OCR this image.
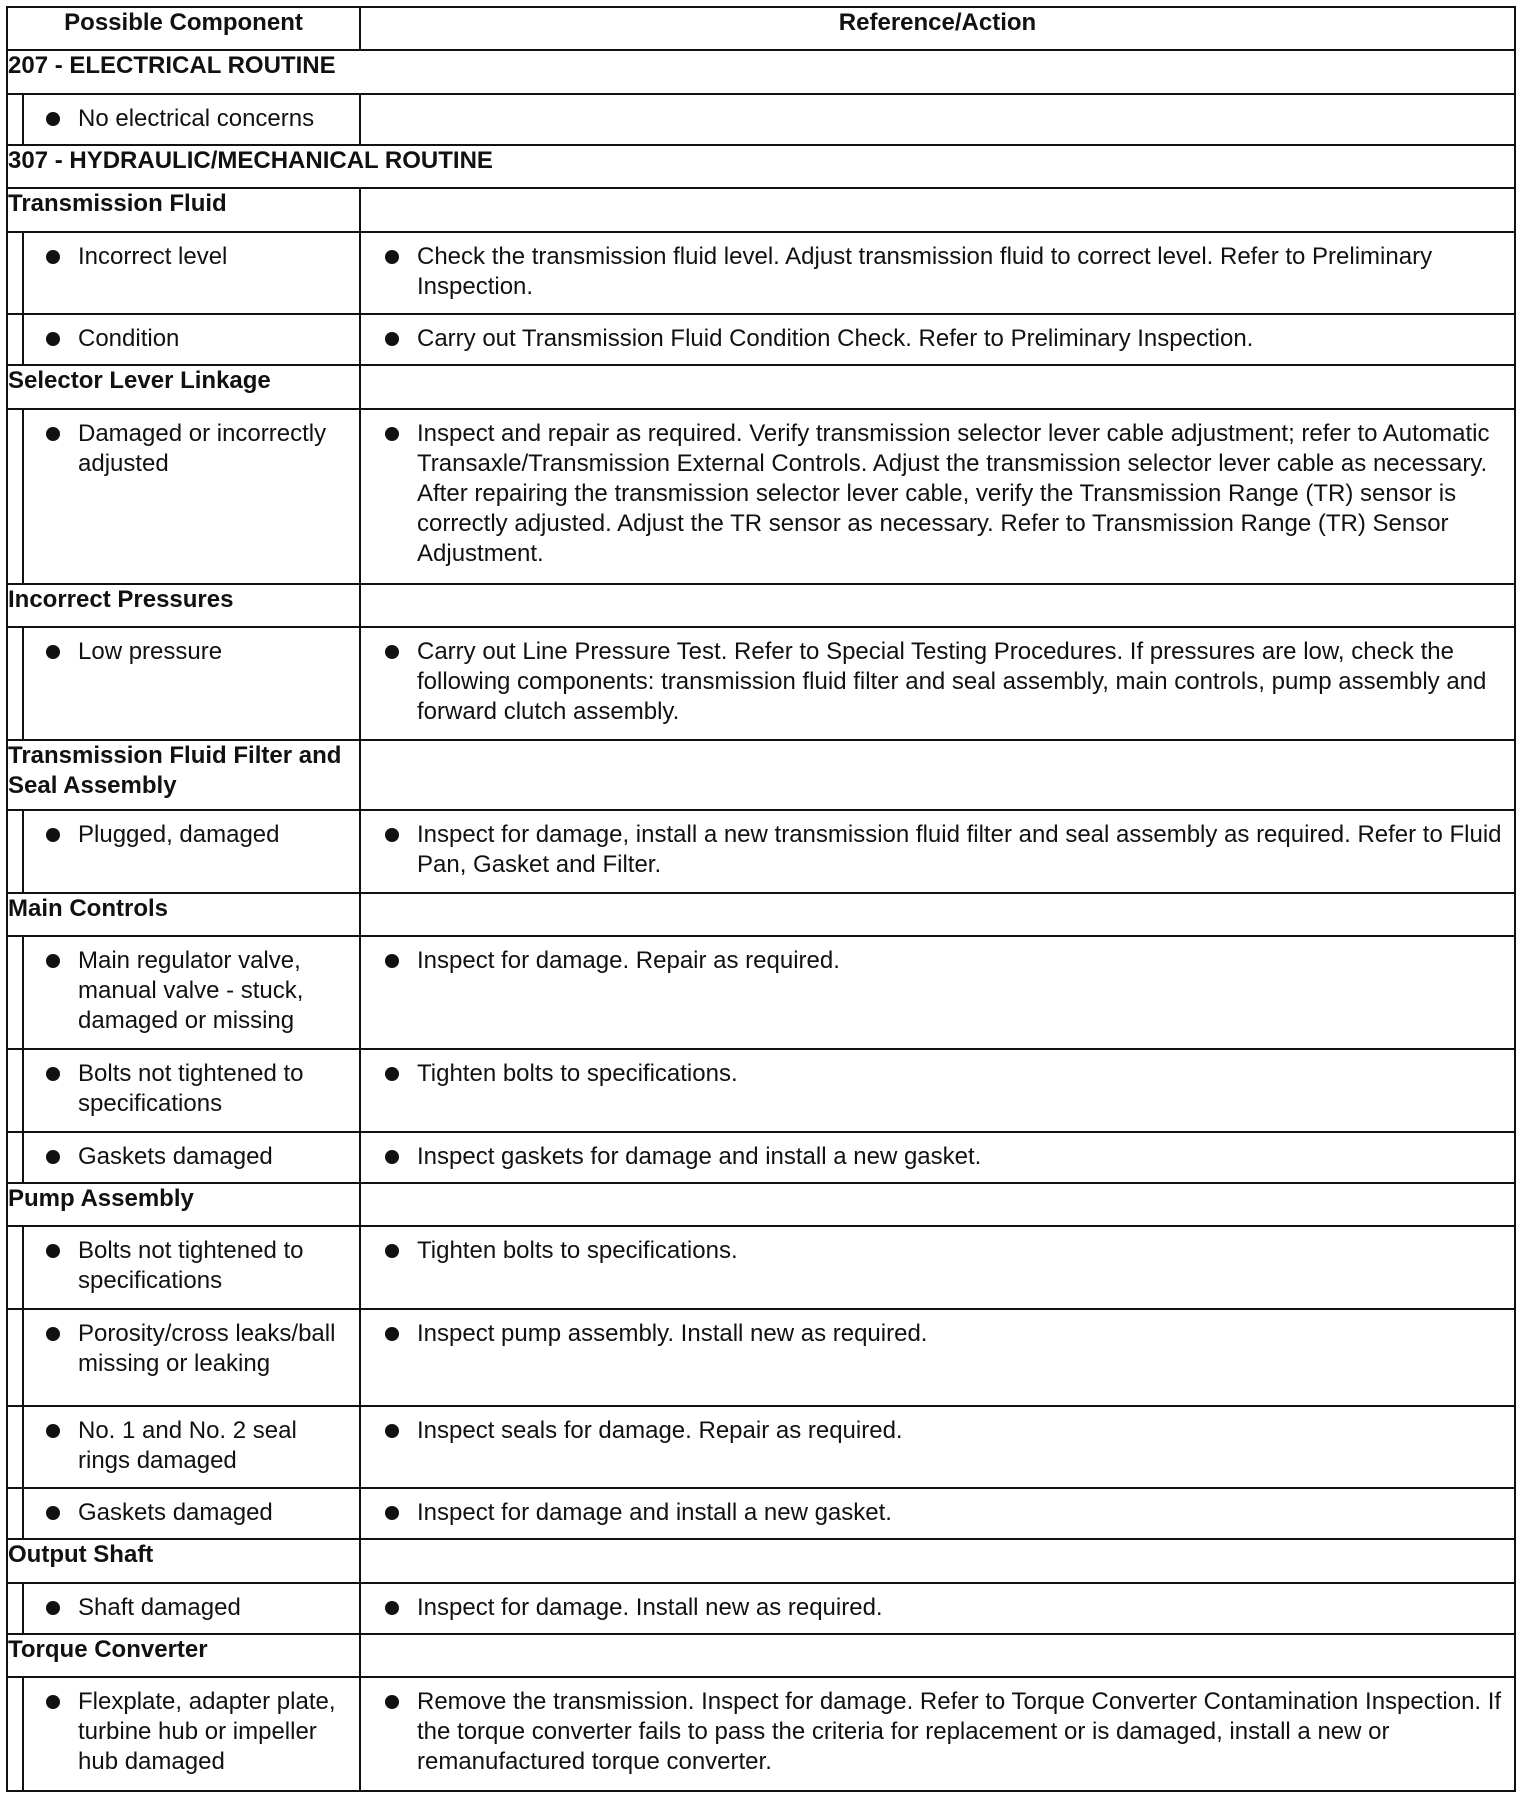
Possible Component	Reference/Action
207 - ELECTRICAL ROUTINE	

No electrical concerns	

307 - HYDRAULIC/MECHANICAL ROUTINE	
Transmission Fluid	

Incorrect level	Check the transmission fluid level. Adjust transmission fluid to correct level. Refer to Preliminary Inspection.

Condition	Carry out Transmission Fluid Condition Check. Refer to Preliminary Inspection.

Selector Lever Linkage	

Damaged or incorrectly adjusted	Inspect and repair as required. Verify transmission selector lever cable adjustment; refer to Automatic Transaxle/Transmission External Controls. Adjust the transmission selector lever cable as necessary. After repairing the transmission selector lever cable, verify the Transmission Range (TR) sensor is correctly adjusted. Adjust the TR sensor as necessary. Refer to Transmission Range (TR) Sensor Adjustment.

Incorrect Pressures	

Low pressure	Carry out Line Pressure Test. Refer to Special Testing Procedures. If pressures are low, check the following components: transmission fluid filter and seal assembly, main controls, pump assembly and forward clutch assembly.

Transmission Fluid Filter and Seal Assembly	

Plugged, damaged	Inspect for damage, install a new transmission fluid filter and seal assembly as required. Refer to Fluid Pan, Gasket and Filter.

Main Controls	

Main regulator valve, manual valve - stuck, damaged or missing	Inspect for damage. Repair as required.

Bolts not tightened to specifications	Tighten bolts to specifications.

Gaskets damaged	Inspect gaskets for damage and install a new gasket.

Pump Assembly	

Bolts not tightened to specifications	Tighten bolts to specifications.

Porosity/cross leaks/ball missing or leaking	Inspect pump assembly. Install new as required.

No. 1 and No. 2 seal rings damaged	Inspect seals for damage. Repair as required.

Gaskets damaged	Inspect for damage and install a new gasket.

Output Shaft	

Shaft damaged	Inspect for damage. Install new as required.

Torque Converter	

Flexplate, adapter plate, turbine hub or impeller hub damaged	Remove the transmission. Inspect for damage. Refer to Torque Converter Contamination Inspection. If the torque converter fails to pass the criteria for replacement or is damaged, install a new or remanufactured torque converter.
